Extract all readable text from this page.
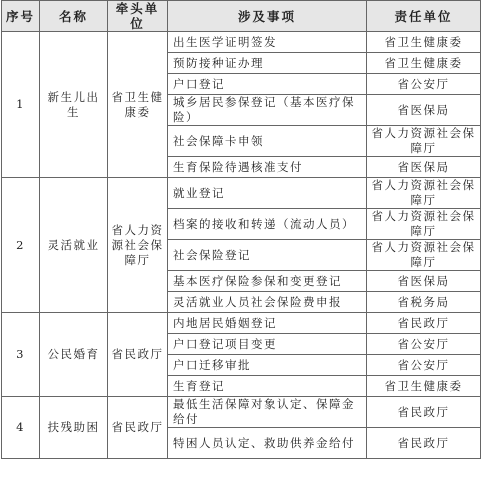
序号	名称	牵头单位	涉及事项	责任单位
1	新生儿出生	省卫生健康委	出生医学证明签发	省卫生健康委
			预防接种证办理	省卫生健康委
			户口登记	省公安厅
			城乡居民参保登记（基本医疗保险）	省医保局
			社会保障卡申领	省人力资源社会保障厅
			生育保险待遇核准支付	省医保局
2	灵活就业	省人力资源社会保障厅	就业登记	省人力资源社会保障厅
			档案的接收和转递（流动人员）	省人力资源社会保障厅
			社会保险登记	省人力资源社会保障厅
			基本医疗保险参保和变更登记	省医保局
			灵活就业人员社会保险费申报	省税务局
3	公民婚育	省民政厅	内地居民婚姻登记	省民政厅
			户口登记项目变更	省公安厅
			户口迁移审批	省公安厅
			生育登记	省卫生健康委
4	扶残助困	省民政厅	最低生活保障对象认定、保障金给付	省民政厅
			特困人员认定、救助供养金给付	省民政厅
